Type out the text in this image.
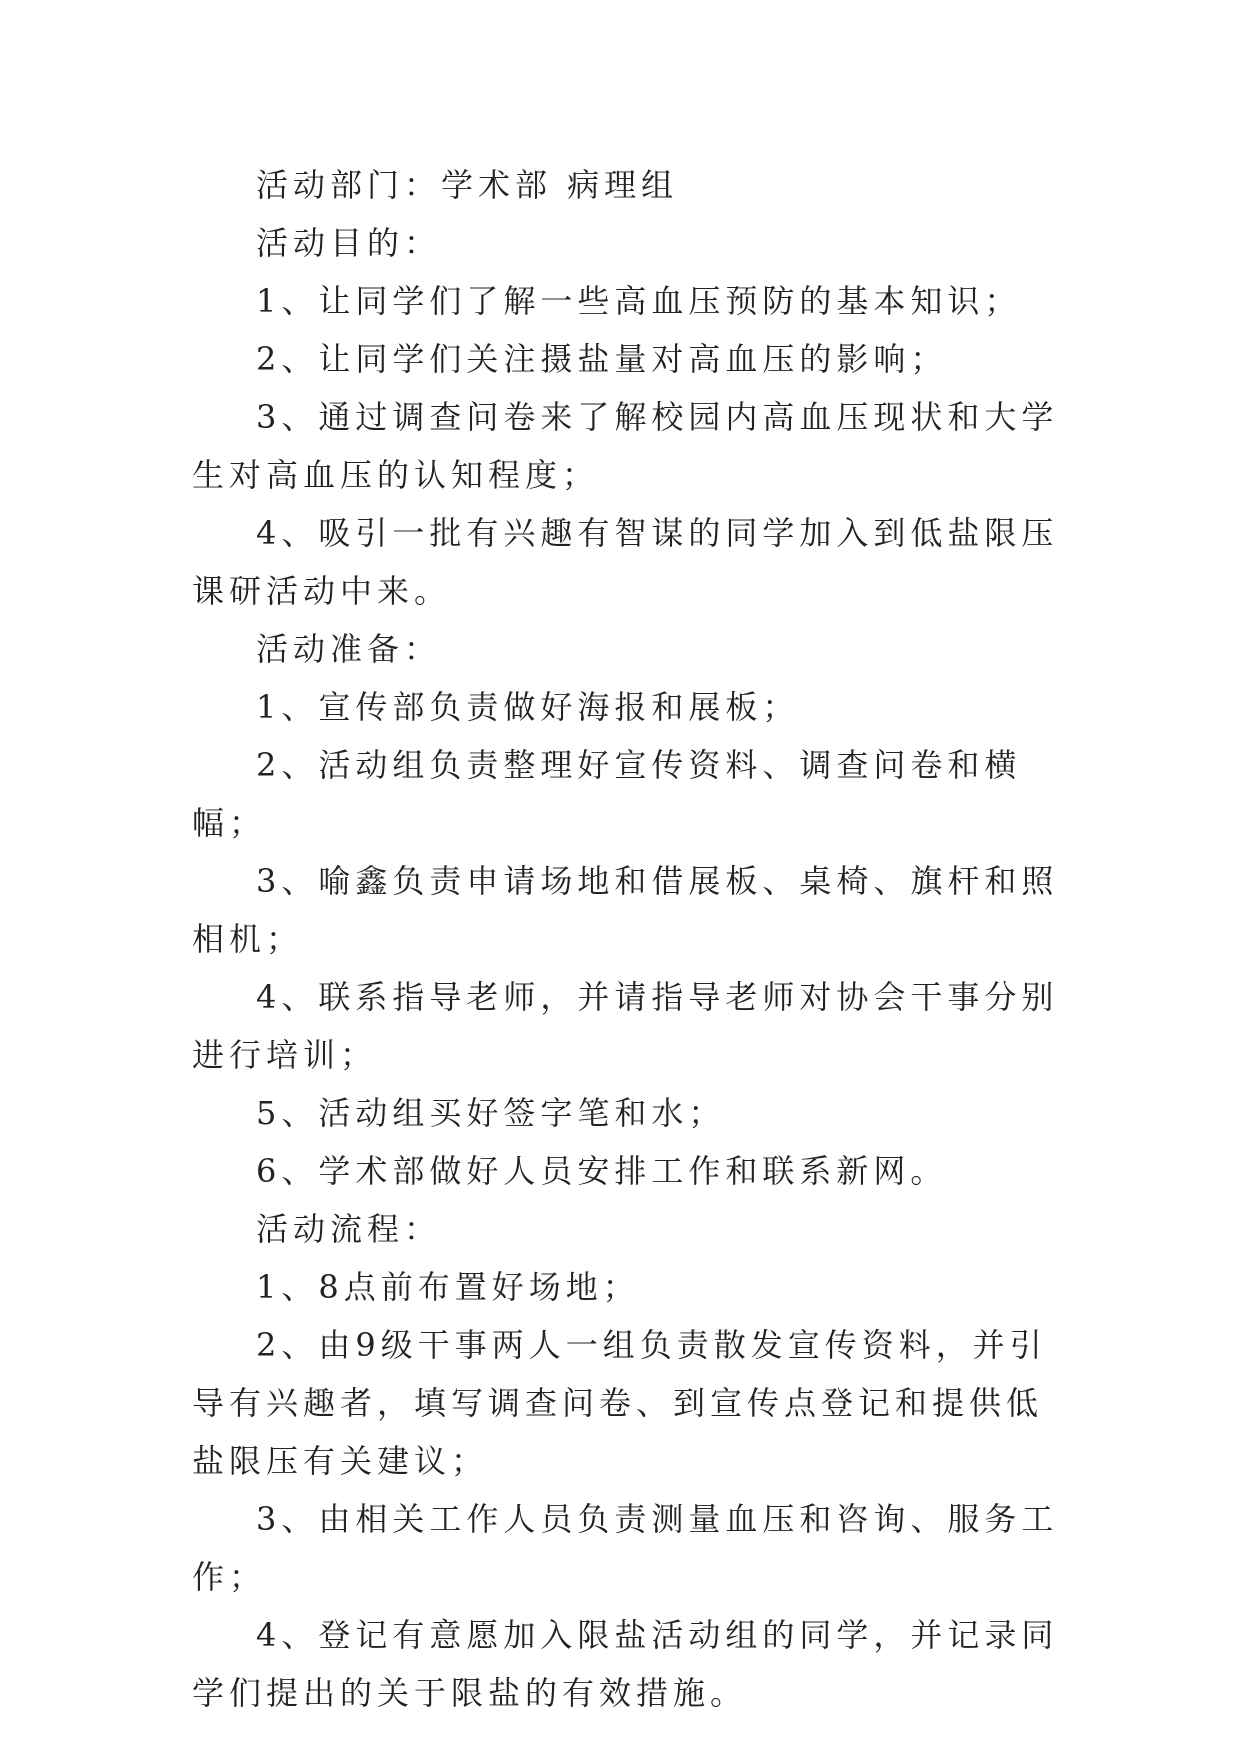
活动部门：学术部 病理组

活动目的：

1、让同学们了解一些高血压预防的基本知识；

2、让同学们关注摄盐量对高血压的影响；

3、通过调查问卷来了解校园内高血压现状和大学生对高血压的认知程度；

4、吸引一批有兴趣有智谋的同学加入到低盐限压课研活动中来。

活动准备：

1、宣传部负责做好海报和展板；

2、活动组负责整理好宣传资料、调查问卷和横幅；

3、喻鑫负责申请场地和借展板、桌椅、旗杆和照相机；

4、联系指导老师，并请指导老师对协会干事分别进行培训；

5、活动组买好签字笔和水；

6、学术部做好人员安排工作和联系新网。

活动流程：

1、8点前布置好场地；

2、由9级干事两人一组负责散发宣传资料，并引导有兴趣者，填写调查问卷、到宣传点登记和提供低盐限压有关建议；

3、由相关工作人员负责测量血压和咨询、服务工作；

4、登记有意愿加入限盐活动组的同学，并记录同学们提出的关于限盐的有效措施。
